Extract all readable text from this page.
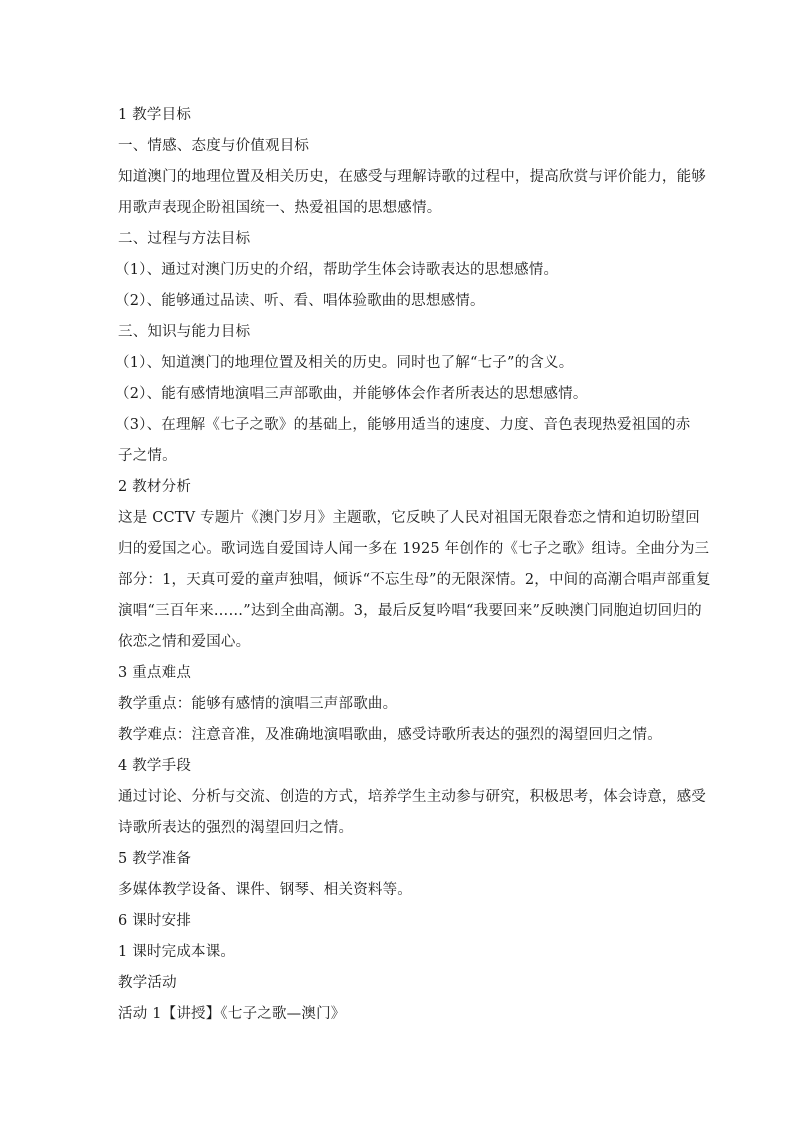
1 教学目标
一、情感、态度与价值观目标
知道澳门的地理位置及相关历史，在感受与理解诗歌的过程中，提高欣赏与评价能力，能够
用歌声表现企盼祖国统一、热爱祖国的思想感情。
二、过程与方法目标
（1）、通过对澳门历史的介绍，帮助学生体会诗歌表达的思想感情。
（2）、能够通过品读、听、看、唱体验歌曲的思想感情。
三、知识与能力目标
（1）、知道澳门的地理位置及相关的历史。同时也了解“七子”的含义。
（2）、能有感情地演唱三声部歌曲，并能够体会作者所表达的思想感情。
（3）、在理解《七子之歌》的基础上，能够用适当的速度、力度、音色表现热爱祖国的赤
子之情。
2 教材分析
这是 CCTV 专题片《澳门岁月》主题歌，它反映了人民对祖国无限眷恋之情和迫切盼望回
归的爱国之心。歌词选自爱国诗人闻一多在 1925 年创作的《七子之歌》组诗。全曲分为三
部分：1，天真可爱的童声独唱，倾诉“不忘生母”的无限深情。2，中间的高潮合唱声部重复
演唱“三百年来……”达到全曲高潮。3，最后反复吟唱“我要回来”反映澳门同胞迫切回归的
依恋之情和爱国心。
3 重点难点
教学重点：能够有感情的演唱三声部歌曲。
教学难点：注意音准，及准确地演唱歌曲，感受诗歌所表达的强烈的渴望回归之情。
4 教学手段
通过讨论、分析与交流、创造的方式，培养学生主动参与研究，积极思考，体会诗意，感受
诗歌所表达的强烈的渴望回归之情。
5 教学准备
多媒体教学设备、课件、钢琴、相关资料等。
6 课时安排
1 课时完成本课。
教学活动
活动 1【讲授】《七子之歌—澳门》
